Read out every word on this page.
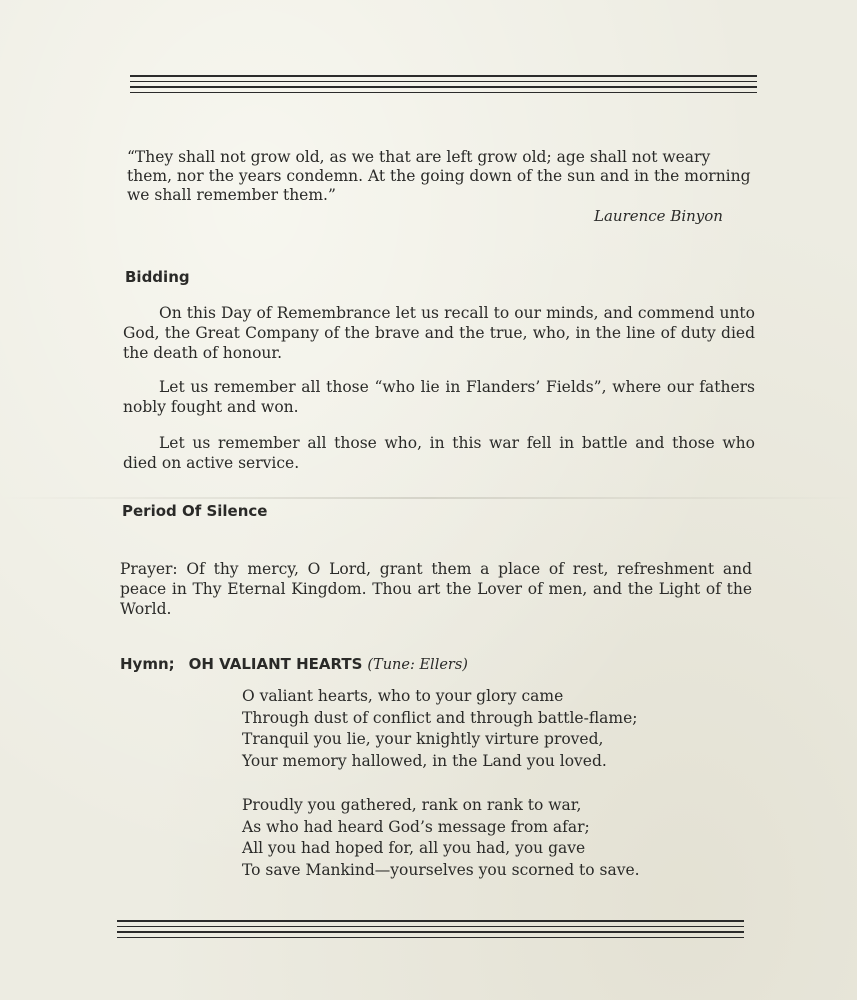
“They shall not grow old, as we that are left grow old; age shall not weary
them, nor the years condemn. At the going down of the sun and in the morning
we shall remember them.”
Laurence Binyon
Bidding
On this Day of Remembrance let us recall to our minds, and commend unto God, the Great Company of the brave and the true, who, in the line of duty died the death of honour.
Let us remember all those “who lie in Flanders’ Fields”, where our fathers nobly fought and won.
Let us remember all those who, in this war fell in battle and those who died on active service.
Period Of Silence
Prayer: Of thy mercy, O Lord, grant them a place of rest, refreshment and peace in Thy Eternal Kingdom. Thou art the Lover of men, and the Light of the World.
Hymn; OH VALIANT HEARTS (Tune: Ellers)
O valiant hearts, who to your glory came
Through dust of conflict and through battle-flame;
Tranquil you lie, your knightly virture proved,
Your memory hallowed, in the Land you loved.
Proudly you gathered, rank on rank to war,
As who had heard God’s message from afar;
All you had hoped for, all you had, you gave
To save Mankind—yourselves you scorned to save.
